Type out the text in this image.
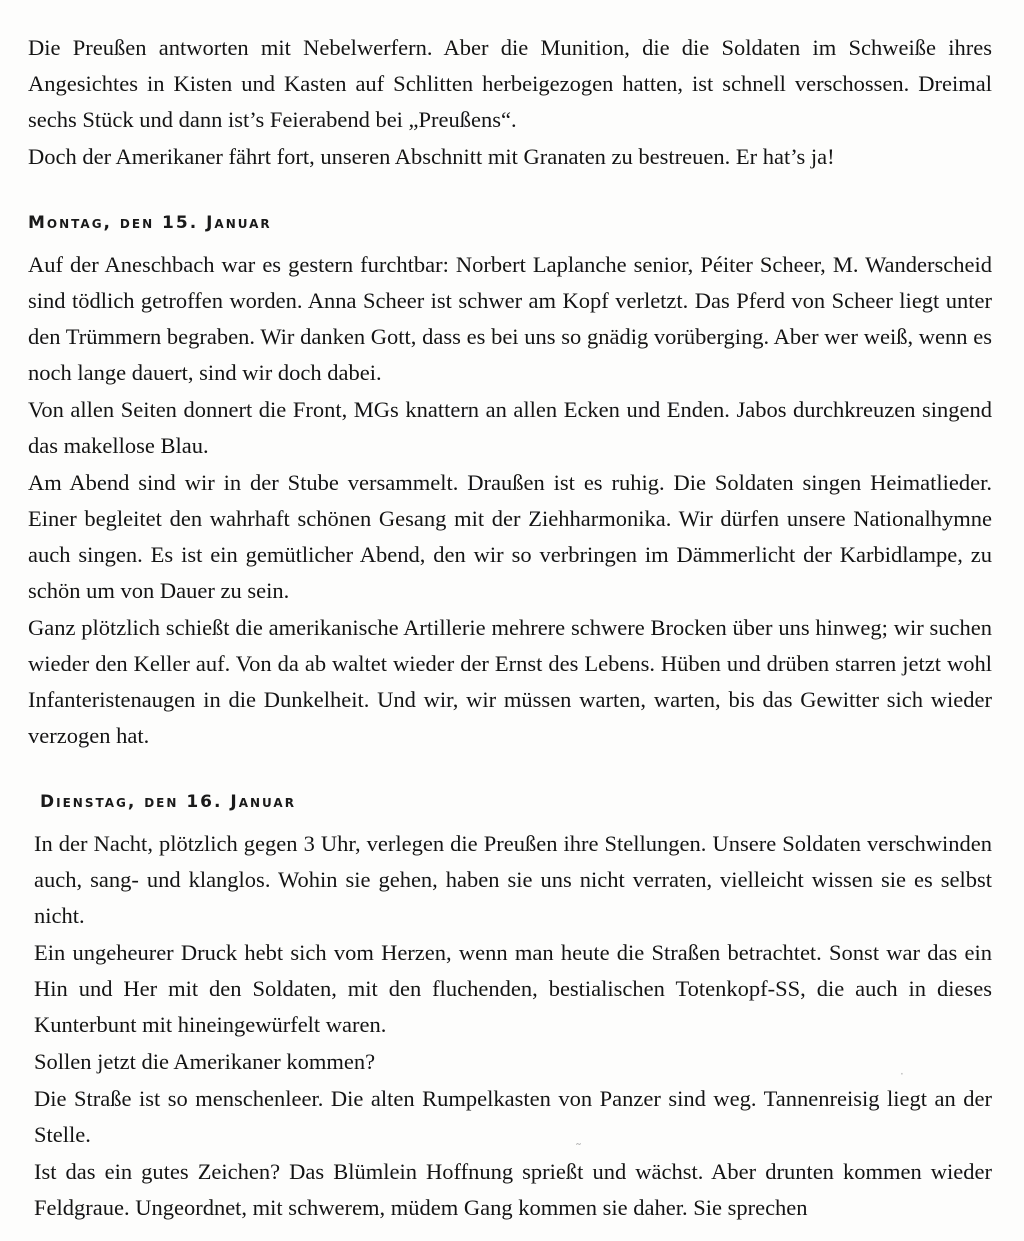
Die Preußen antworten mit Nebelwerfern. Aber die Munition, die die Soldaten im Schweiße ihres Angesichtes in Kisten und Kasten auf Schlitten herbeigezogen hatten, ist schnell verschossen. Dreimal sechs Stück und dann ist’s Feierabend bei „Preußens“.

Doch der Amerikaner fährt fort, unseren Abschnitt mit Granaten zu bestreuen. Er hat’s ja!

Montag, den 15. Januar

Auf der Aneschbach war es gestern furchtbar: Norbert Laplanche senior, Péiter Scheer, M. Wanderscheid sind tödlich getroffen worden. Anna Scheer ist schwer am Kopf verletzt. Das Pferd von Scheer liegt unter den Trümmern begraben. Wir danken Gott, dass es bei uns so gnädig vorüberging. Aber wer weiß, wenn es noch lange dauert, sind wir doch dabei.

Von allen Seiten donnert die Front, MGs knattern an allen Ecken und Enden. Jabos durchkreuzen singend das makellose Blau.

Am Abend sind wir in der Stube versammelt. Draußen ist es ruhig. Die Soldaten singen Heimatlieder. Einer begleitet den wahrhaft schönen Gesang mit der Ziehharmonika. Wir dürfen unsere Nationalhymne auch singen. Es ist ein gemütlicher Abend, den wir so verbringen im Dämmerlicht der Karbidlampe, zu schön um von Dauer zu sein.

Ganz plötzlich schießt die amerikanische Artillerie mehrere schwere Brocken über uns hinweg; wir suchen wieder den Keller auf. Von da ab waltet wieder der Ernst des Lebens. Hüben und drüben starren jetzt wohl Infanteristenaugen in die Dunkelheit. Und wir, wir müssen warten, warten, bis das Gewitter sich wieder verzogen hat.

Dienstag, den 16. Januar

In der Nacht, plötzlich gegen 3 Uhr, verlegen die Preußen ihre Stellungen. Unsere Soldaten verschwinden auch, sang- und klanglos. Wohin sie gehen, haben sie uns nicht verraten, vielleicht wissen sie es selbst nicht.

Ein ungeheurer Druck hebt sich vom Herzen, wenn man heute die Straßen betrachtet. Sonst war das ein Hin und Her mit den Soldaten, mit den fluchenden, bestialischen Totenkopf-SS, die auch in dieses Kunterbunt mit hineingewürfelt waren.

Sollen jetzt die Amerikaner kommen?

Die Straße ist so menschenleer. Die alten Rumpelkasten von Panzer sind weg. Tannenreisig liegt an der Stelle.

Ist das ein gutes Zeichen? Das Blümlein Hoffnung sprießt und wächst. Aber drunten kommen wieder Feldgraue. Ungeordnet, mit schwerem, müdem Gang kommen sie daher. Sie sprechen

·
˜
